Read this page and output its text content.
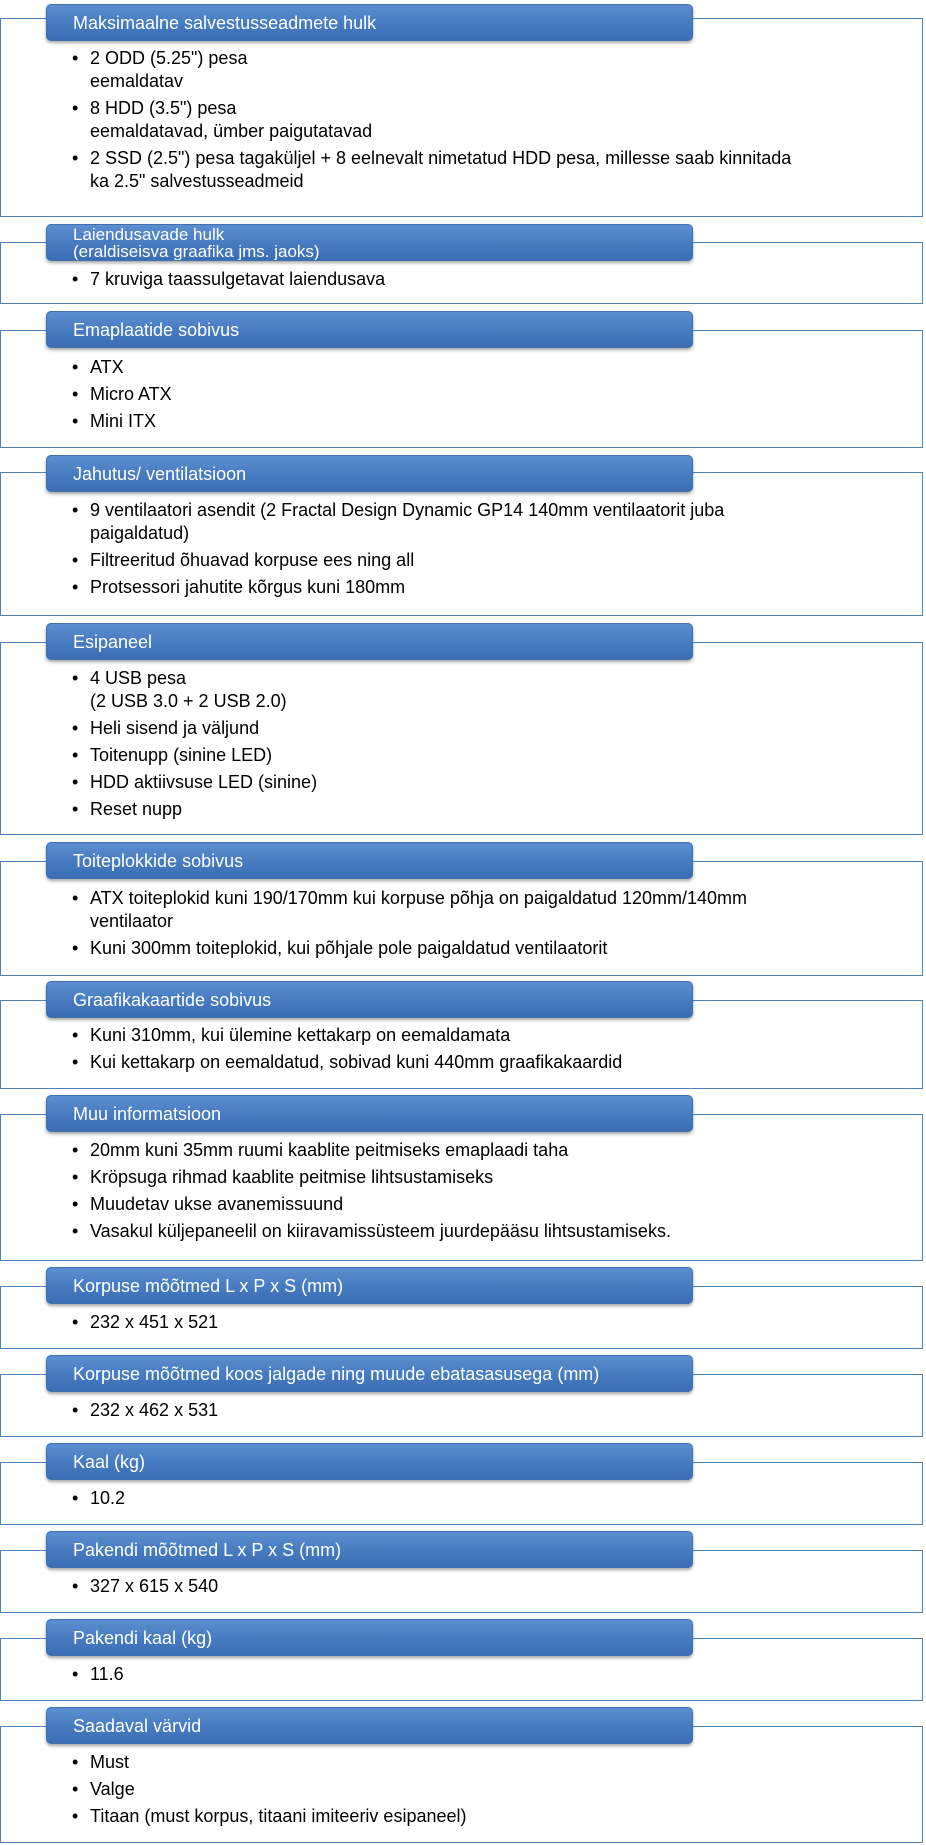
Maksimaalne salvestusseadmete hulk
• 2 ODD (5.25") pesa
eemaldatav
• 8 HDD (3.5") pesa
eemaldatavad, ümber paigutatavad
• 2 SSD (2.5") pesa tagaküljel + 8 eelnevalt nimetatud HDD pesa, millesse saab kinnitada
ka 2.5" salvestusseadmeid
Laiendusavade hulk
(eraldiseisva graafika jms. jaoks)
• 7 kruviga taassulgetavat laiendusava
Emaplaatide sobivus
• ATX
• Micro ATX
• Mini ITX
Jahutus/ ventilatsioon
• 9 ventilaatori asendit (2 Fractal Design Dynamic GP14 140mm ventilaatorit juba
paigaldatud)
• Filtreeritud õhuavad korpuse ees ning all
• Protsessori jahutite kõrgus kuni 180mm
Esipaneel
• 4 USB pesa
(2 USB 3.0 + 2 USB 2.0)
• Heli sisend ja väljund
• Toitenupp (sinine LED)
• HDD aktiivsuse LED (sinine)
• Reset nupp
Toiteplokkide sobivus
• ATX toiteplokid kuni 190/170mm kui korpuse põhja on paigaldatud 120mm/140mm
ventilaator
• Kuni 300mm toiteplokid, kui põhjale pole paigaldatud ventilaatorit
Graafikakaartide sobivus
• Kuni 310mm, kui ülemine kettakarp on eemaldamata
• Kui kettakarp on eemaldatud, sobivad kuni 440mm graafikakaardid
Muu informatsioon
• 20mm kuni 35mm ruumi kaablite peitmiseks emaplaadi taha
• Kröpsuga rihmad kaablite peitmise lihtsustamiseks
• Muudetav ukse avanemissuund
• Vasakul küljepaneelil on kiiravamissüsteem juurdepääsu lihtsustamiseks.
Korpuse mõõtmed L x P x S (mm)
• 232 x 451 x 521
Korpuse mõõtmed koos jalgade ning muude ebatasasusega (mm)
• 232 x 462 x 531
Kaal (kg)
• 10.2
Pakendi mõõtmed L x P x S (mm)
• 327 x 615 x 540
Pakendi kaal (kg)
• 11.6
Saadaval värvid
• Must
• Valge
• Titaan (must korpus, titaani imiteeriv esipaneel)
